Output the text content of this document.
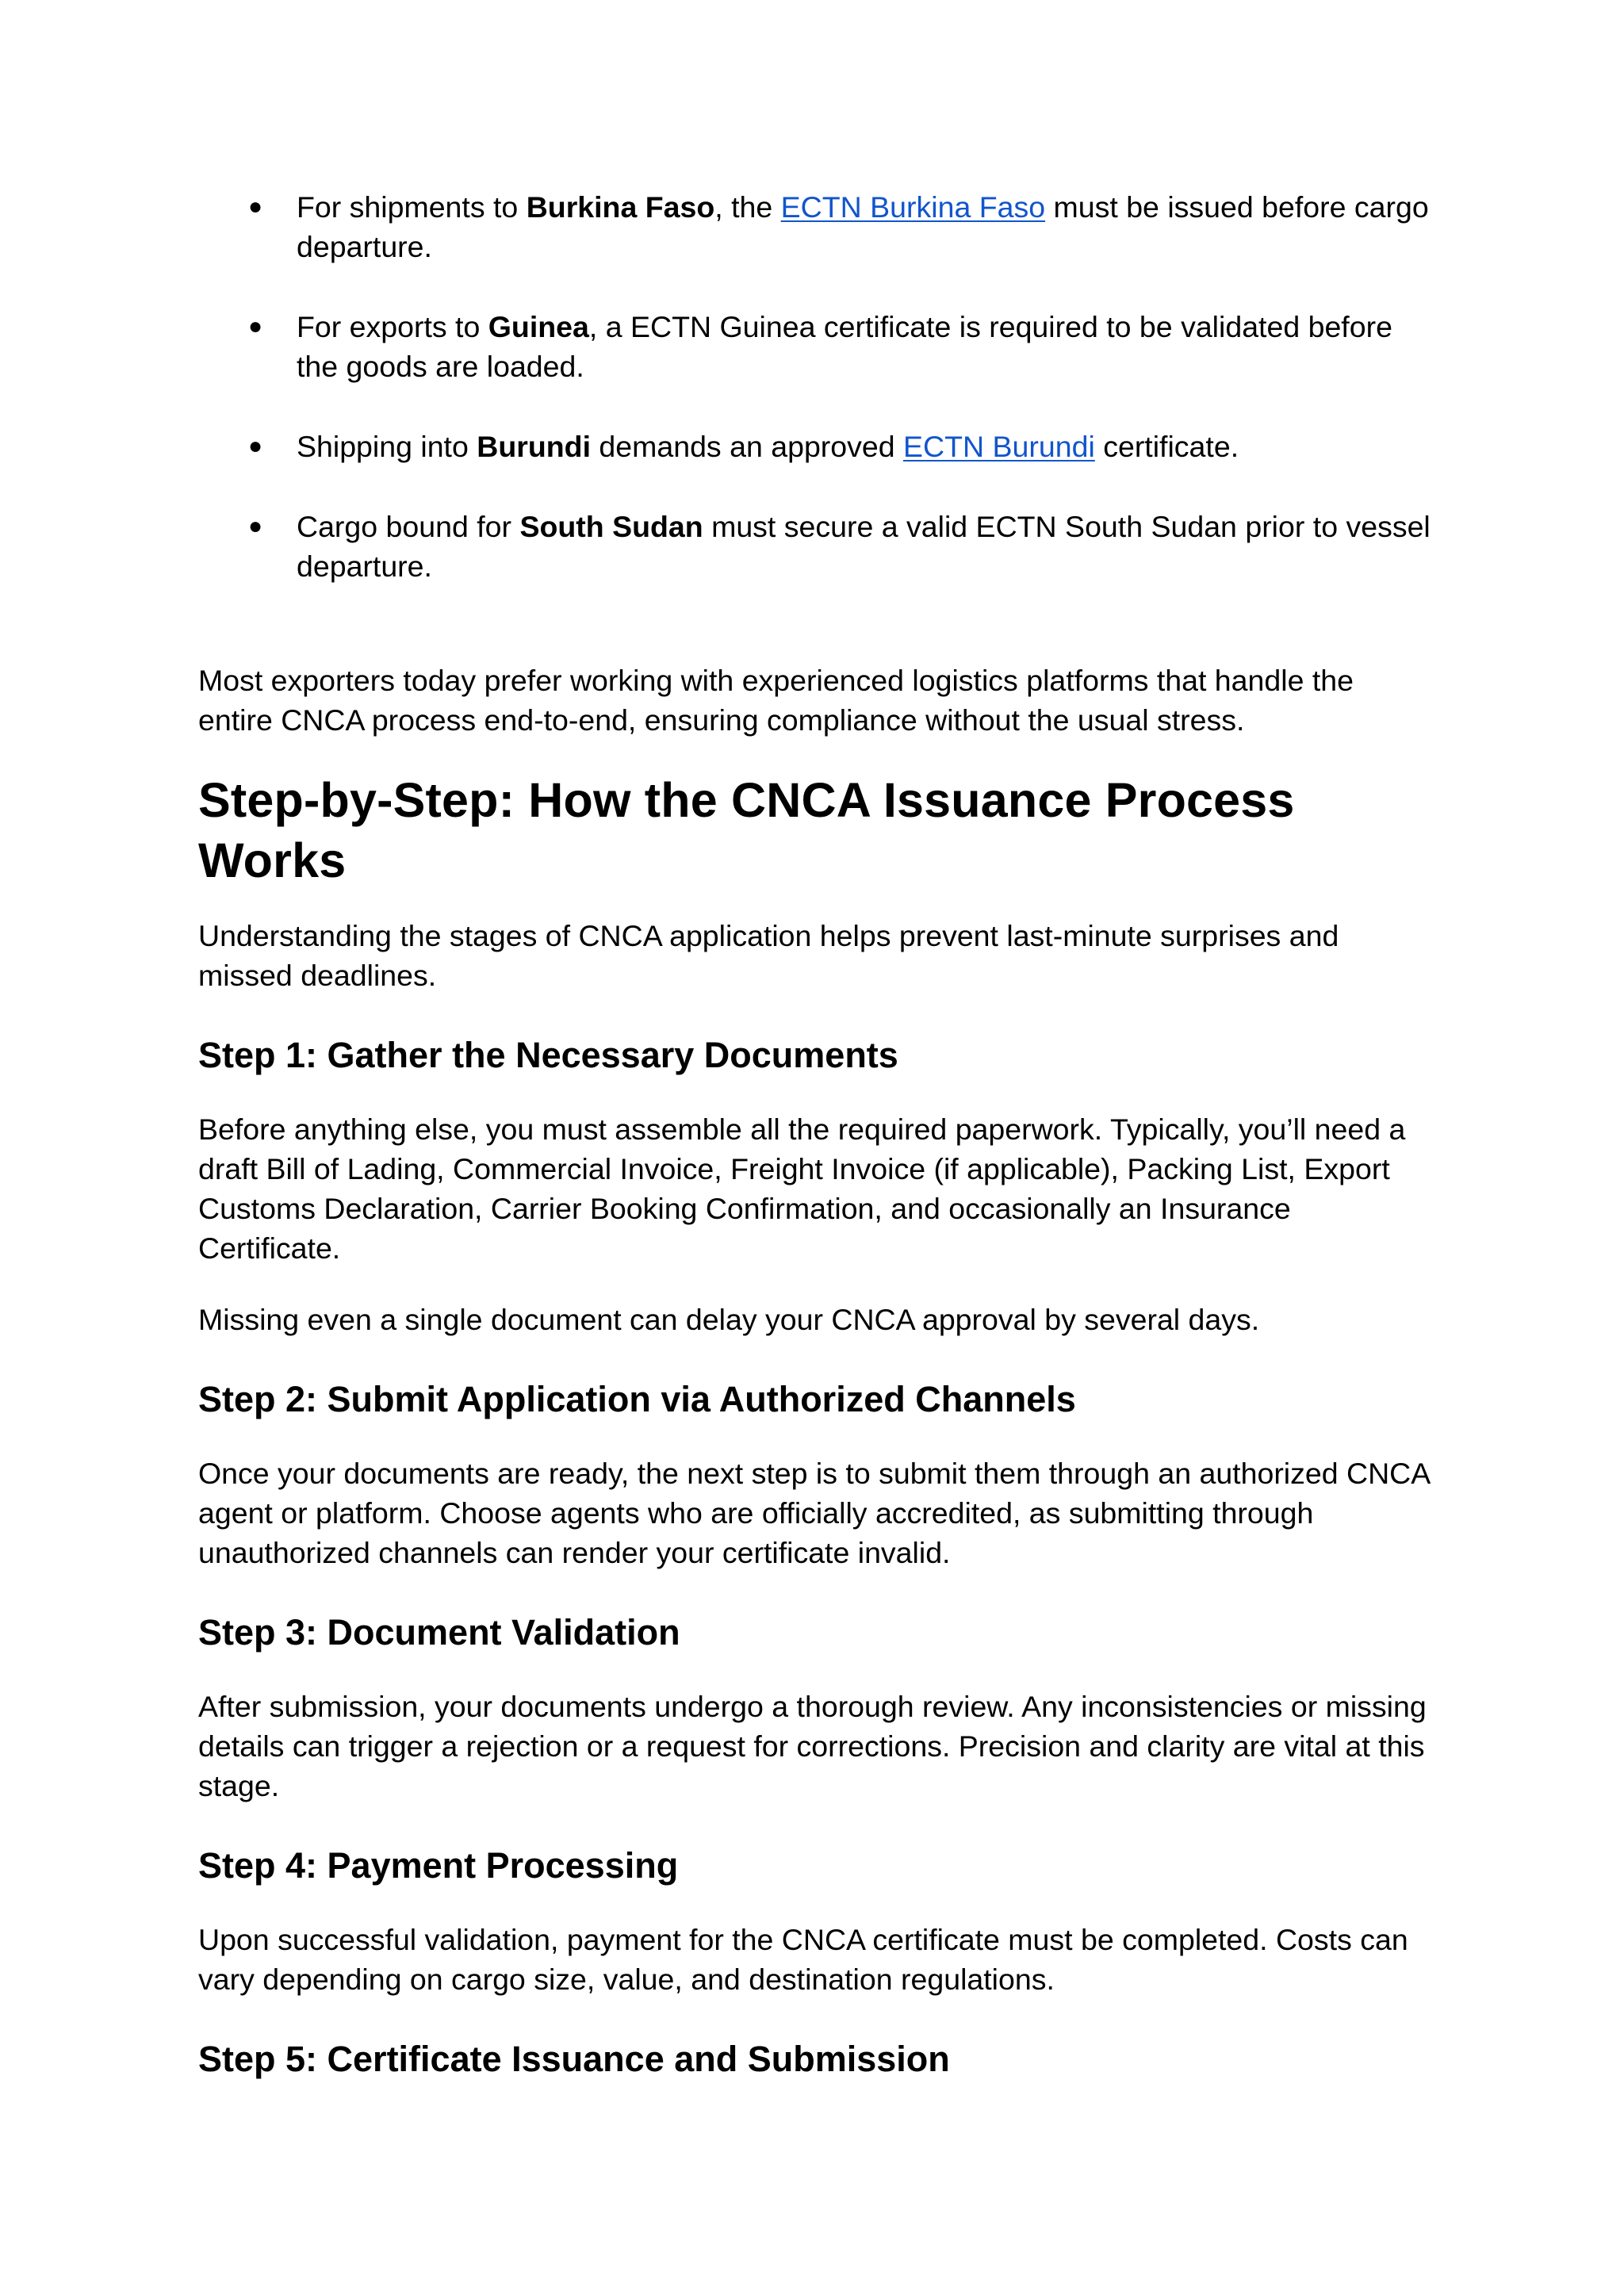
● For shipments to Burkina Faso, the ECTN Burkina Faso must be issued before cargo departure.
● For exports to Guinea, a ECTN Guinea certificate is required to be validated before the goods are loaded.
● Shipping into Burundi demands an approved ECTN Burundi certificate.
● Cargo bound for South Sudan must secure a valid ECTN South Sudan prior to vessel departure.

Most exporters today prefer working with experienced logistics platforms that handle the entire CNCA process end-to-end, ensuring compliance without the usual stress.

Step-by-Step: How the CNCA Issuance Process Works

Understanding the stages of CNCA application helps prevent last-minute surprises and missed deadlines.

Step 1: Gather the Necessary Documents

Before anything else, you must assemble all the required paperwork. Typically, you’ll need a draft Bill of Lading, Commercial Invoice, Freight Invoice (if applicable), Packing List, Export Customs Declaration, Carrier Booking Confirmation, and occasionally an Insurance Certificate.

Missing even a single document can delay your CNCA approval by several days.

Step 2: Submit Application via Authorized Channels

Once your documents are ready, the next step is to submit them through an authorized CNCA agent or platform. Choose agents who are officially accredited, as submitting through unauthorized channels can render your certificate invalid.

Step 3: Document Validation

After submission, your documents undergo a thorough review. Any inconsistencies or missing details can trigger a rejection or a request for corrections. Precision and clarity are vital at this stage.

Step 4: Payment Processing

Upon successful validation, payment for the CNCA certificate must be completed. Costs can vary depending on cargo size, value, and destination regulations.

Step 5: Certificate Issuance and Submission
